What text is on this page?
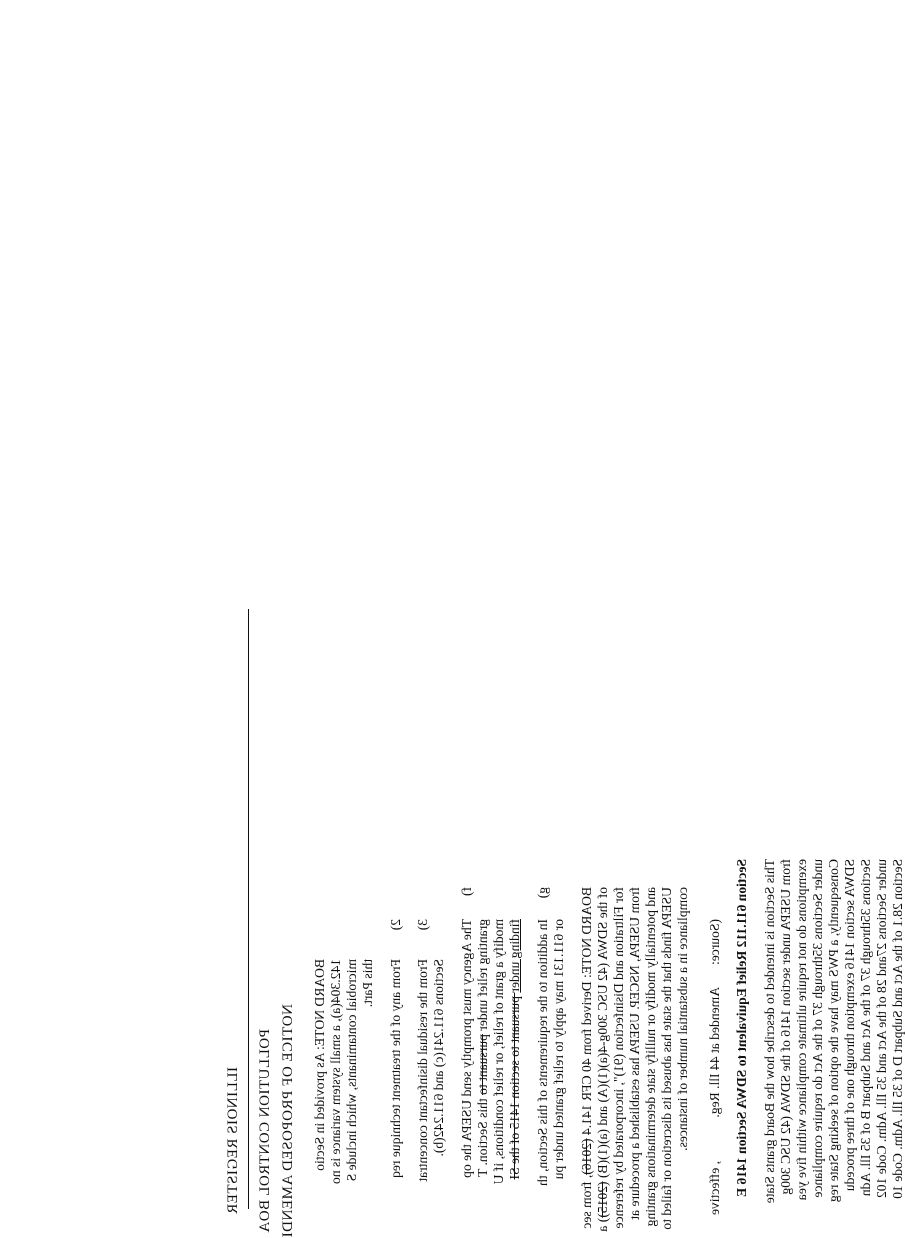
ILLINOIS REGISTER POLLUTION CONTROL BOA NOTICE OF PROPOSED AMENDI BOARD NOTE: As provided in Sectio 142.304(a), a small system variance is no microbial contaminants, which include S this Part.
2)
From any of the treatment technique req
3)
From the residual disinfectant concentrat Sections 611.241(c) and 611.242(b).
f)
The Agency must promptly send USEPA the op granting relief under pursuant to this Section. T modify a grant of relief, or relief conditions, if U finding under pursuant to section 1415 of the SI
g)
In addition to the requirements of this Section, th or 611.131 may apply to relief granted under pu BOARD NOTE: Derived from 40 CFR 141.4 (2016), from sec
of the SDWA (42 USC 300g-4(a)(1)(A) and (a)(1)(B) (2015)) a for Filtration and Disinfection (91)", incorporated by reference from USEPA, NSCEP. USEPA has established a procedure at and potentially modify or nullify state determinations granting USEPA finds that the state has abused its discretion or failed to compliance in a substantial number of instances. (Source:
Amended at 44 Ill. Reg.
, effective Section 611.112 Relief Equivalent to SDWA Section 1416 E This Section is intended to describe how the Board grants State from USEPA under section 1416 of the SDWA (42 USC 300g exemptions do not require ultimate compliance within five yea under Sections 35through 37 of the Act do require compliance Consequently, a PWS may have the option of seeking State reg SDWA section 1416 exemption through one of three procedu Sections 35through 37 of the Act and Subpart B of 35 Ill. Adn under Sections 27and 28 of the Act and 35 Ill. Adm. Code 102 Section 28.1 of the Act and Subpart D of 35 Ill. Adm. Code 10
